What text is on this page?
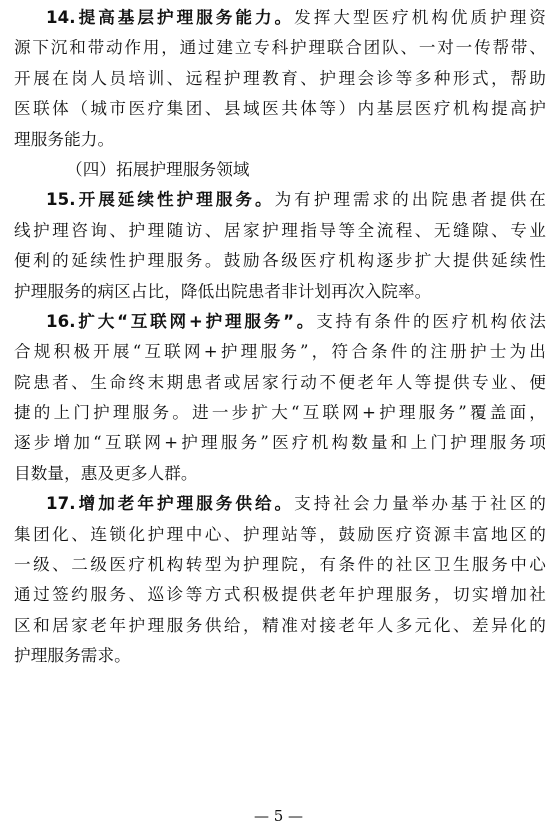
14.提高基层护理服务能力。发挥大型医疗机构优质护理资
源下沉和带动作用，通过建立专科护理联合团队、一对一传帮带、
开展在岗人员培训、远程护理教育、护理会诊等多种形式，帮助
医联体（城市医疗集团、县域医共体等）内基层医疗机构提高护
理服务能力。
（四）拓展护理服务领域
15.开展延续性护理服务。为有护理需求的出院患者提供在
线护理咨询、护理随访、居家护理指导等全流程、无缝隙、专业
便利的延续性护理服务。鼓励各级医疗机构逐步扩大提供延续性
护理服务的病区占比，降低出院患者非计划再次入院率。
16.扩大“互联网+护理服务”。支持有条件的医疗机构依法
合规积极开展“互联网+护理服务”，符合条件的注册护士为出
院患者、生命终末期患者或居家行动不便老年人等提供专业、便
捷的上门护理服务。进一步扩大“互联网+护理服务”覆盖面，
逐步增加“互联网+护理服务”医疗机构数量和上门护理服务项
目数量，惠及更多人群。
17.增加老年护理服务供给。支持社会力量举办基于社区的
集团化、连锁化护理中心、护理站等，鼓励医疗资源丰富地区的
一级、二级医疗机构转型为护理院，有条件的社区卫生服务中心
通过签约服务、巡诊等方式积极提供老年护理服务，切实增加社
区和居家老年护理服务供给，精准对接老年人多元化、差异化的
护理服务需求。
— 5 —
